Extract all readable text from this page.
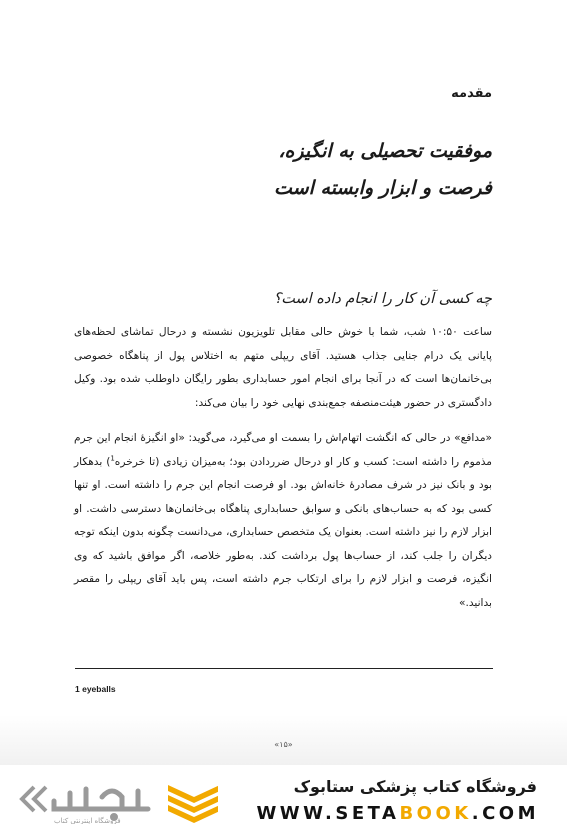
مقدمه
موفقیت تحصیلی به انگیزه،
فرصت و ابزار وابسته است
چه کسی آن کار را انجام داده است؟

ساعت ۱۰:۵۰ شب، شما با خوش حالی مقابل تلویزیون نشسته و درحال تماشای لحظه‌های پایانی یک درام جنایی جذاب هستید. آقای ریپلی متهم به اختلاس پول از پناهگاه خصوصی بی‌خانمان‌ها است که در آنجا برای انجام امور حسابداری بطور رایگان داوطلب شده بود. وکیل دادگستری در حضور هیئت‌منصفه جمع‌بندی نهایی خود را بیان می‌کند:

«مدافع» در حالی که انگشت اتهام‌اش را بسمت او می‌گیرد، می‌گوید: «او انگیزهٔ انجام این جرم مذموم را داشته است: کسب و کار او درحال ضرردادن بود؛ به‌میزان زیادی (تا خرخره$^1$) بدهکار بود و بانک نیز در شرف مصادرهٔ خانه‌اش بود. او فرصت انجام این جرم را داشته است. او تنها کسی بود که به حساب‌های بانکی و سوابق حسابداری پناهگاه بی‌خانمان‌ها دسترسی داشت. او ابزار لازم را نیز داشته است. بعنوان یک متخصص حسابداری، می‌دانست چگونه بدون اینکه توجه دیگران را جلب کند، از حساب‌ها پول برداشت کند. به‌طور خلاصه، اگر موافق باشید که وی انگیزه، فرصت و ابزار لازم را برای ارتکاب جرم داشته است، پس باید آقای ریپلی را مقصر بدانید.»

1 eyeballs
«۱۵»
فروشگاه اینترنتی کتاب
فروشگاه کتاب پزشکی ستابوک
WWW.SETABOOK.COM
